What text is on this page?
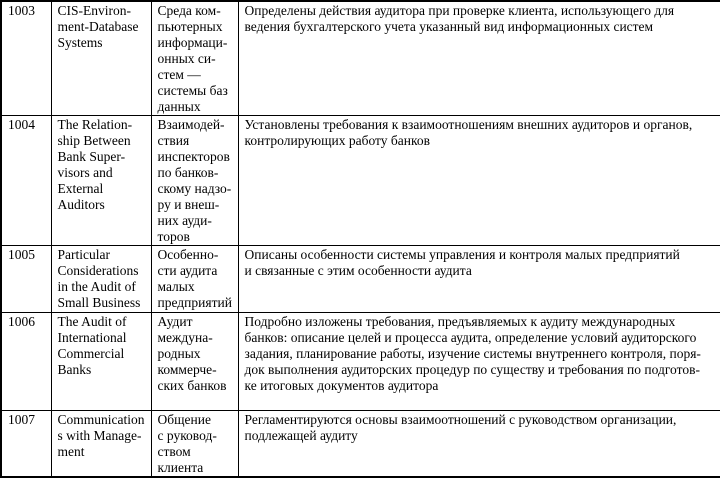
1003	CIS-Environ-
ment-Database
Systems	Среда ком-
пьютерных
информаци-
онных си-
стем —
системы баз
данных	Определены действия аудитора при проверке клиента, использующего для
ведения бухгалтерского учета указанный вид информационных систем
1004	The Relation-
ship Between
Bank Super-
visors and
External
Auditors	Взаимодей-
ствия
инспекторов
по банков-
скому надзо-
ру и внеш-
них ауди-
торов	Установлены требования к взаимоотношениям внешних аудиторов и органов,
контролирующих работу банков
1005	Particular
Considerations
in the Audit of
Small Business	Особенно-
сти аудита
малых
предприятий	Описаны особенности системы управления и контроля малых предприятий
и связанные с этим особенности аудита
1006	The Audit of
International
Commercial
Banks	Аудит
междуна-
родных
коммерче-
ских банков	Подробно изложены требования, предъявляемых к аудиту международных
банков: описание целей и процесса аудита, определение условий аудиторского
задания, планирование работы, изучение системы внутреннего контроля, поря-
док выполнения аудиторских процедур по существу и требования по подготов-
ке итоговых документов аудитора
1007	Communication
s with Manage-
ment	Общение
с руковод-
ством
клиента	Регламентируются основы взаимоотношений с руководством организации,
подлежащей аудиту
